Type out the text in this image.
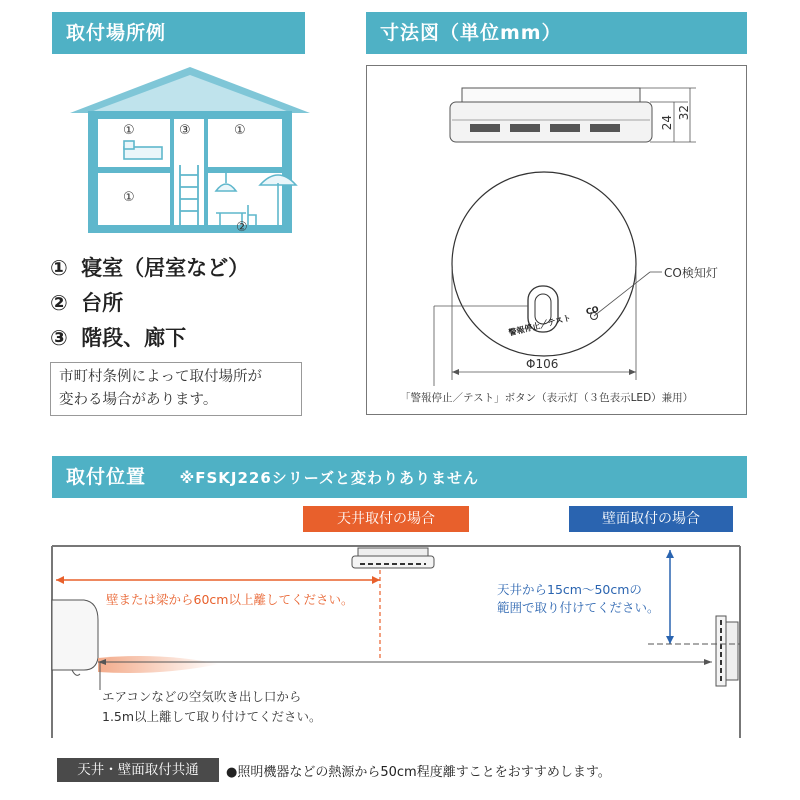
取付場所例
①	③	①
①
②
① 寝室（居室など）
② 台所
③ 階段、廊下
市町村条例によって取付場所が
変わる場合があります。
寸法図（単位mm）
24
32
警報停止／テスト
CO
CO検知灯
Φ106
「警報停止／テスト」ボタン（表示灯（３色表示LED）兼用）
取付位置 ※FSKJ226シリーズと変わりありません
天井取付の場合	壁面取付の場合
壁または梁から60cm以上離してください。
天井から15cm～50cmの
範囲で取り付けてください。
エアコンなどの空気吹き出し口から
1.5m以上離して取り付けてください。
天井・壁面取付共通	●照明機器などの熱源から50cm程度離すことをおすすめします。
